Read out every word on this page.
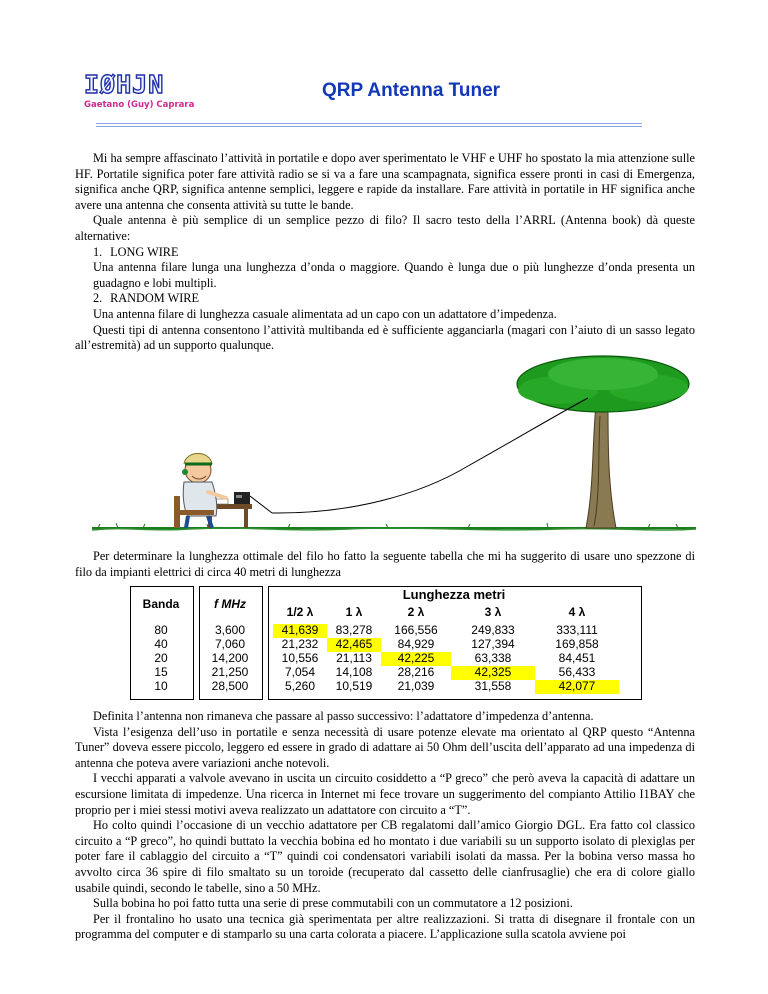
IØHJN
Gaetano (Guy) Caprara
QRP Antenna Tuner

Mi ha sempre affascinato l’attività in portatile e dopo aver sperimentato le VHF e UHF ho spostato la mia attenzione sulle HF. Portatile significa poter fare attività radio se si va a fare una scampagnata, significa essere pronti in casi di Emergenza, significa anche QRP, significa antenne semplici, leggere e rapide da installare. Fare attività in portatile in HF significa anche avere una antenna che consenta attività su tutte le bande.

Quale antenna è più semplice di un semplice pezzo di filo? Il sacro testo della l’ARRL (Antenna book) dà queste alternative:

1. LONG WIRE

Una antenna filare lunga una lunghezza d’onda o maggiore. Quando è lunga due o più lunghezze d’onda presenta un guadagno e lobi multipli.

2. RANDOM WIRE

Una antenna filare di lunghezza casuale alimentata ad un capo con un adattatore d’impedenza.

Questi tipi di antenna consentono l’attività multibanda ed è sufficiente agganciarla (magari con l’aiuto di un sasso legato all’estremità) ad un supporto qualunque.

Per determinare la lunghezza ottimale del filo ho fatto la seguente tabella che mi ha suggerito di usare uno spezzone di filo da impianti elettrici di circa 40 metri di lunghezza

Banda	f MHz
Lunghezza metri
1/2 λ	1 λ	2 λ	3 λ	4 λ
80	3,600	41,639	83,278	166,556	249,833	333,111
40	7,060	21,232	42,465	84,929	127,394	169,858
20	14,200	10,556	21,113	42,225	63,338	84,451
15	21,250	7,054	14,108	28,216	42,325	56,433
10	28,500	5,260	10,519	21,039	31,558	42,077

Definita l’antenna non rimaneva che passare al passo successivo: l’adattatore d’impedenza d’antenna.

Vista l’esigenza dell’uso in portatile e senza necessità di usare potenze elevate ma orientato al QRP questo “Antenna Tuner” doveva essere piccolo, leggero ed essere in grado di adattare ai 50 Ohm dell’uscita dell’apparato ad una impedenza di antenna che poteva avere variazioni anche notevoli.

I vecchi apparati a valvole avevano in uscita un circuito cosiddetto a “P greco” che però aveva la capacità di adattare un escursione limitata di impedenze. Una ricerca in Internet mi fece trovare un suggerimento del compianto Attilio I1BAY che proprio per i miei stessi motivi aveva realizzato un adattatore con circuito a “T”.

Ho colto quindi l’occasione di un vecchio adattatore per CB regalatomi dall’amico Giorgio DGL. Era fatto col classico circuito a “P greco”, ho quindi buttato la vecchia bobina ed ho montato i due variabili su un supporto isolato di plexiglas per poter fare il cablaggio del circuito a “T” quindi coi condensatori variabili isolati da massa. Per la bobina verso massa ho avvolto circa 36 spire di filo smaltato su un toroide (recuperato dal cassetto delle cianfrusaglie) che era di colore giallo usabile quindi, secondo le tabelle, sino a 50 MHz.

Sulla bobina ho poi fatto tutta una serie di prese commutabili con un commutatore a 12 posizioni.

Per il frontalino ho usato una tecnica già sperimentata per altre realizzazioni. Si tratta di disegnare il frontale con un programma del computer e di stamparlo su una carta colorata a piacere. L’applicazione sulla scatola avviene poi
